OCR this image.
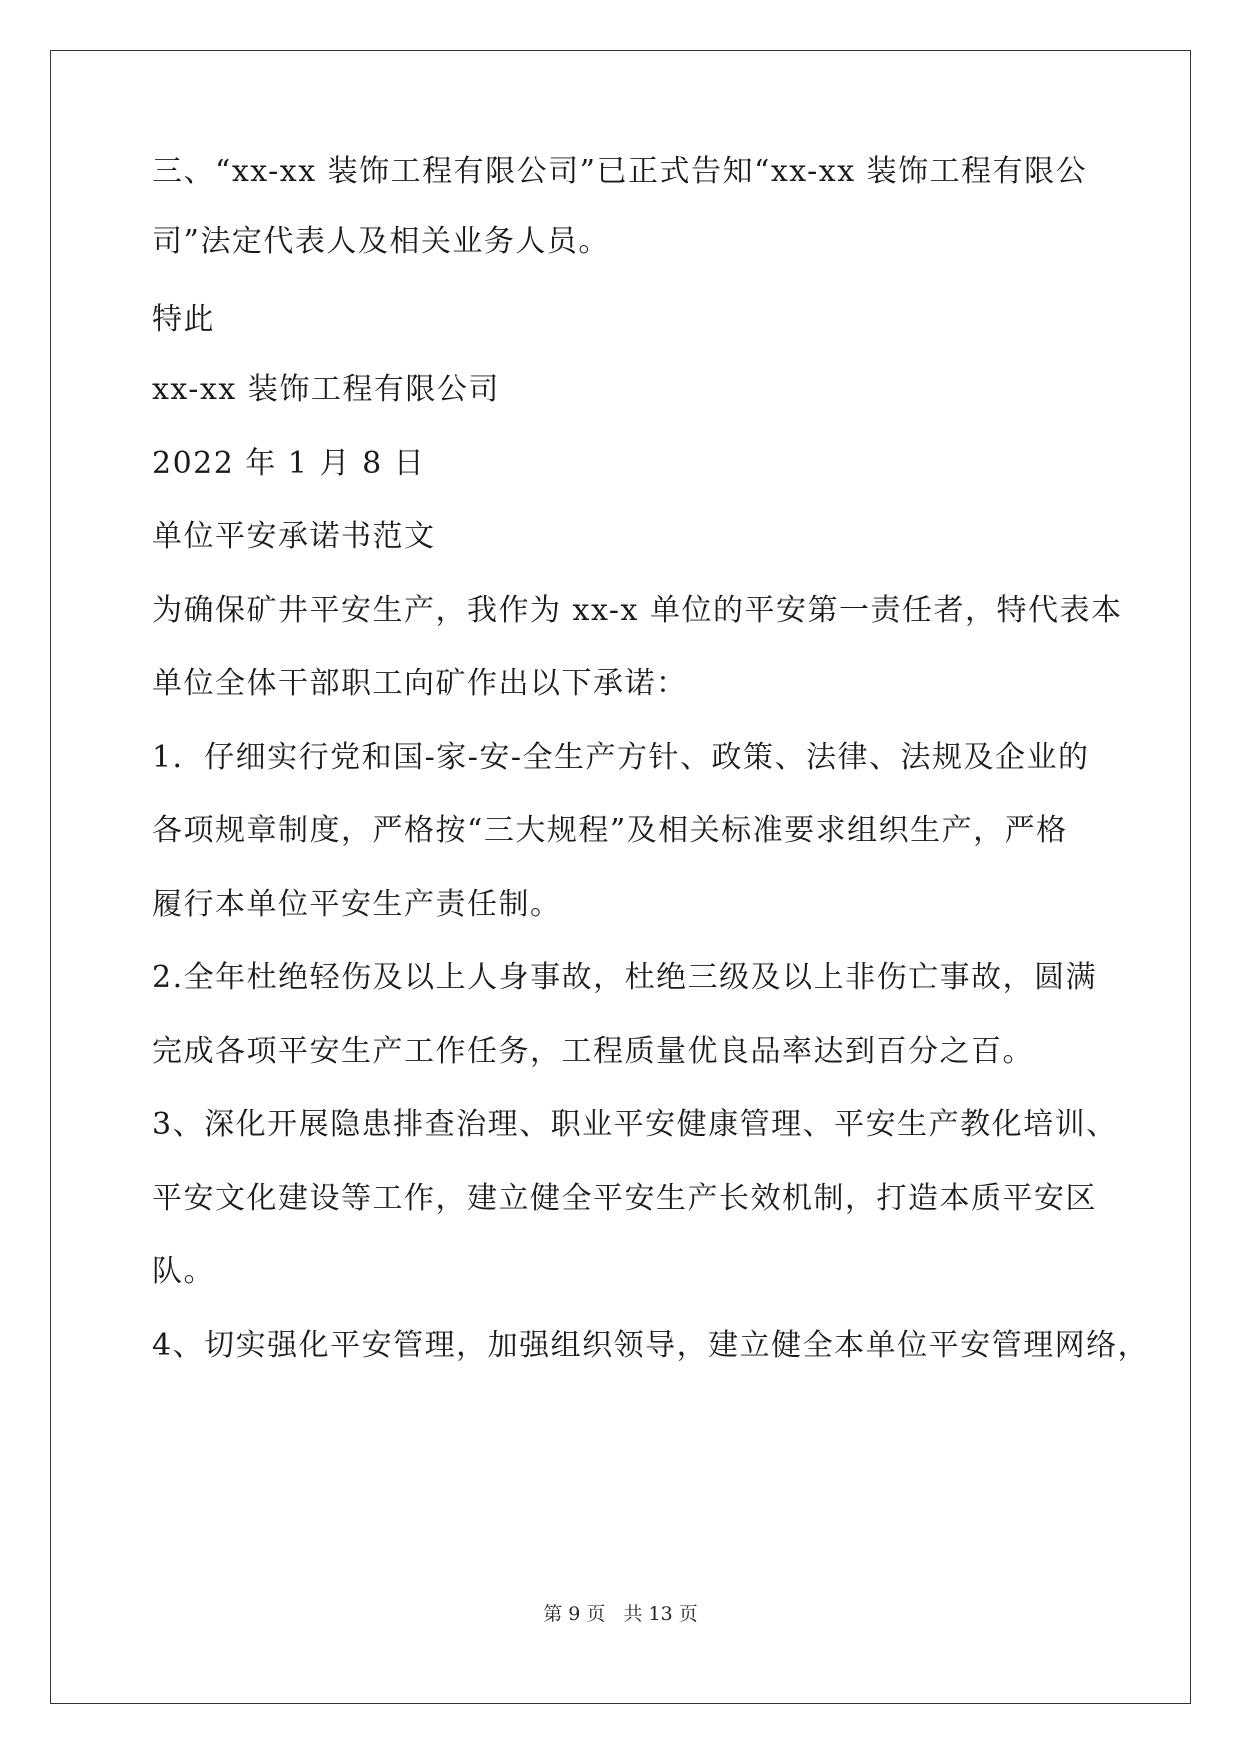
三、“xx-xx 装饰工程有限公司”已正式告知“xx-xx 装饰工程有限公
司”法定代表人及相关业务人员。
特此
xx-xx 装饰工程有限公司
2022 年 1 月 8 日
单位平安承诺书范文
为确保矿井平安生产，我作为 xx-x 单位的平安第一责任者，特代表本
单位全体干部职工向矿作出以下承诺：
1．仔细实行党和国-家-安-全生产方针、政策、法律、法规及企业的
各项规章制度，严格按“三大规程”及相关标准要求组织生产，严格
履行本单位平安生产责任制。
2.全年杜绝轻伤及以上人身事故，杜绝三级及以上非伤亡事故，圆满
完成各项平安生产工作任务，工程质量优良品率达到百分之百。
3、深化开展隐患排查治理、职业平安健康管理、平安生产教化培训、
平安文化建设等工作，建立健全平安生产长效机制，打造本质平安区
队。
4、切实强化平安管理，加强组织领导，建立健全本单位平安管理网络，
第 9 页 共 13 页
